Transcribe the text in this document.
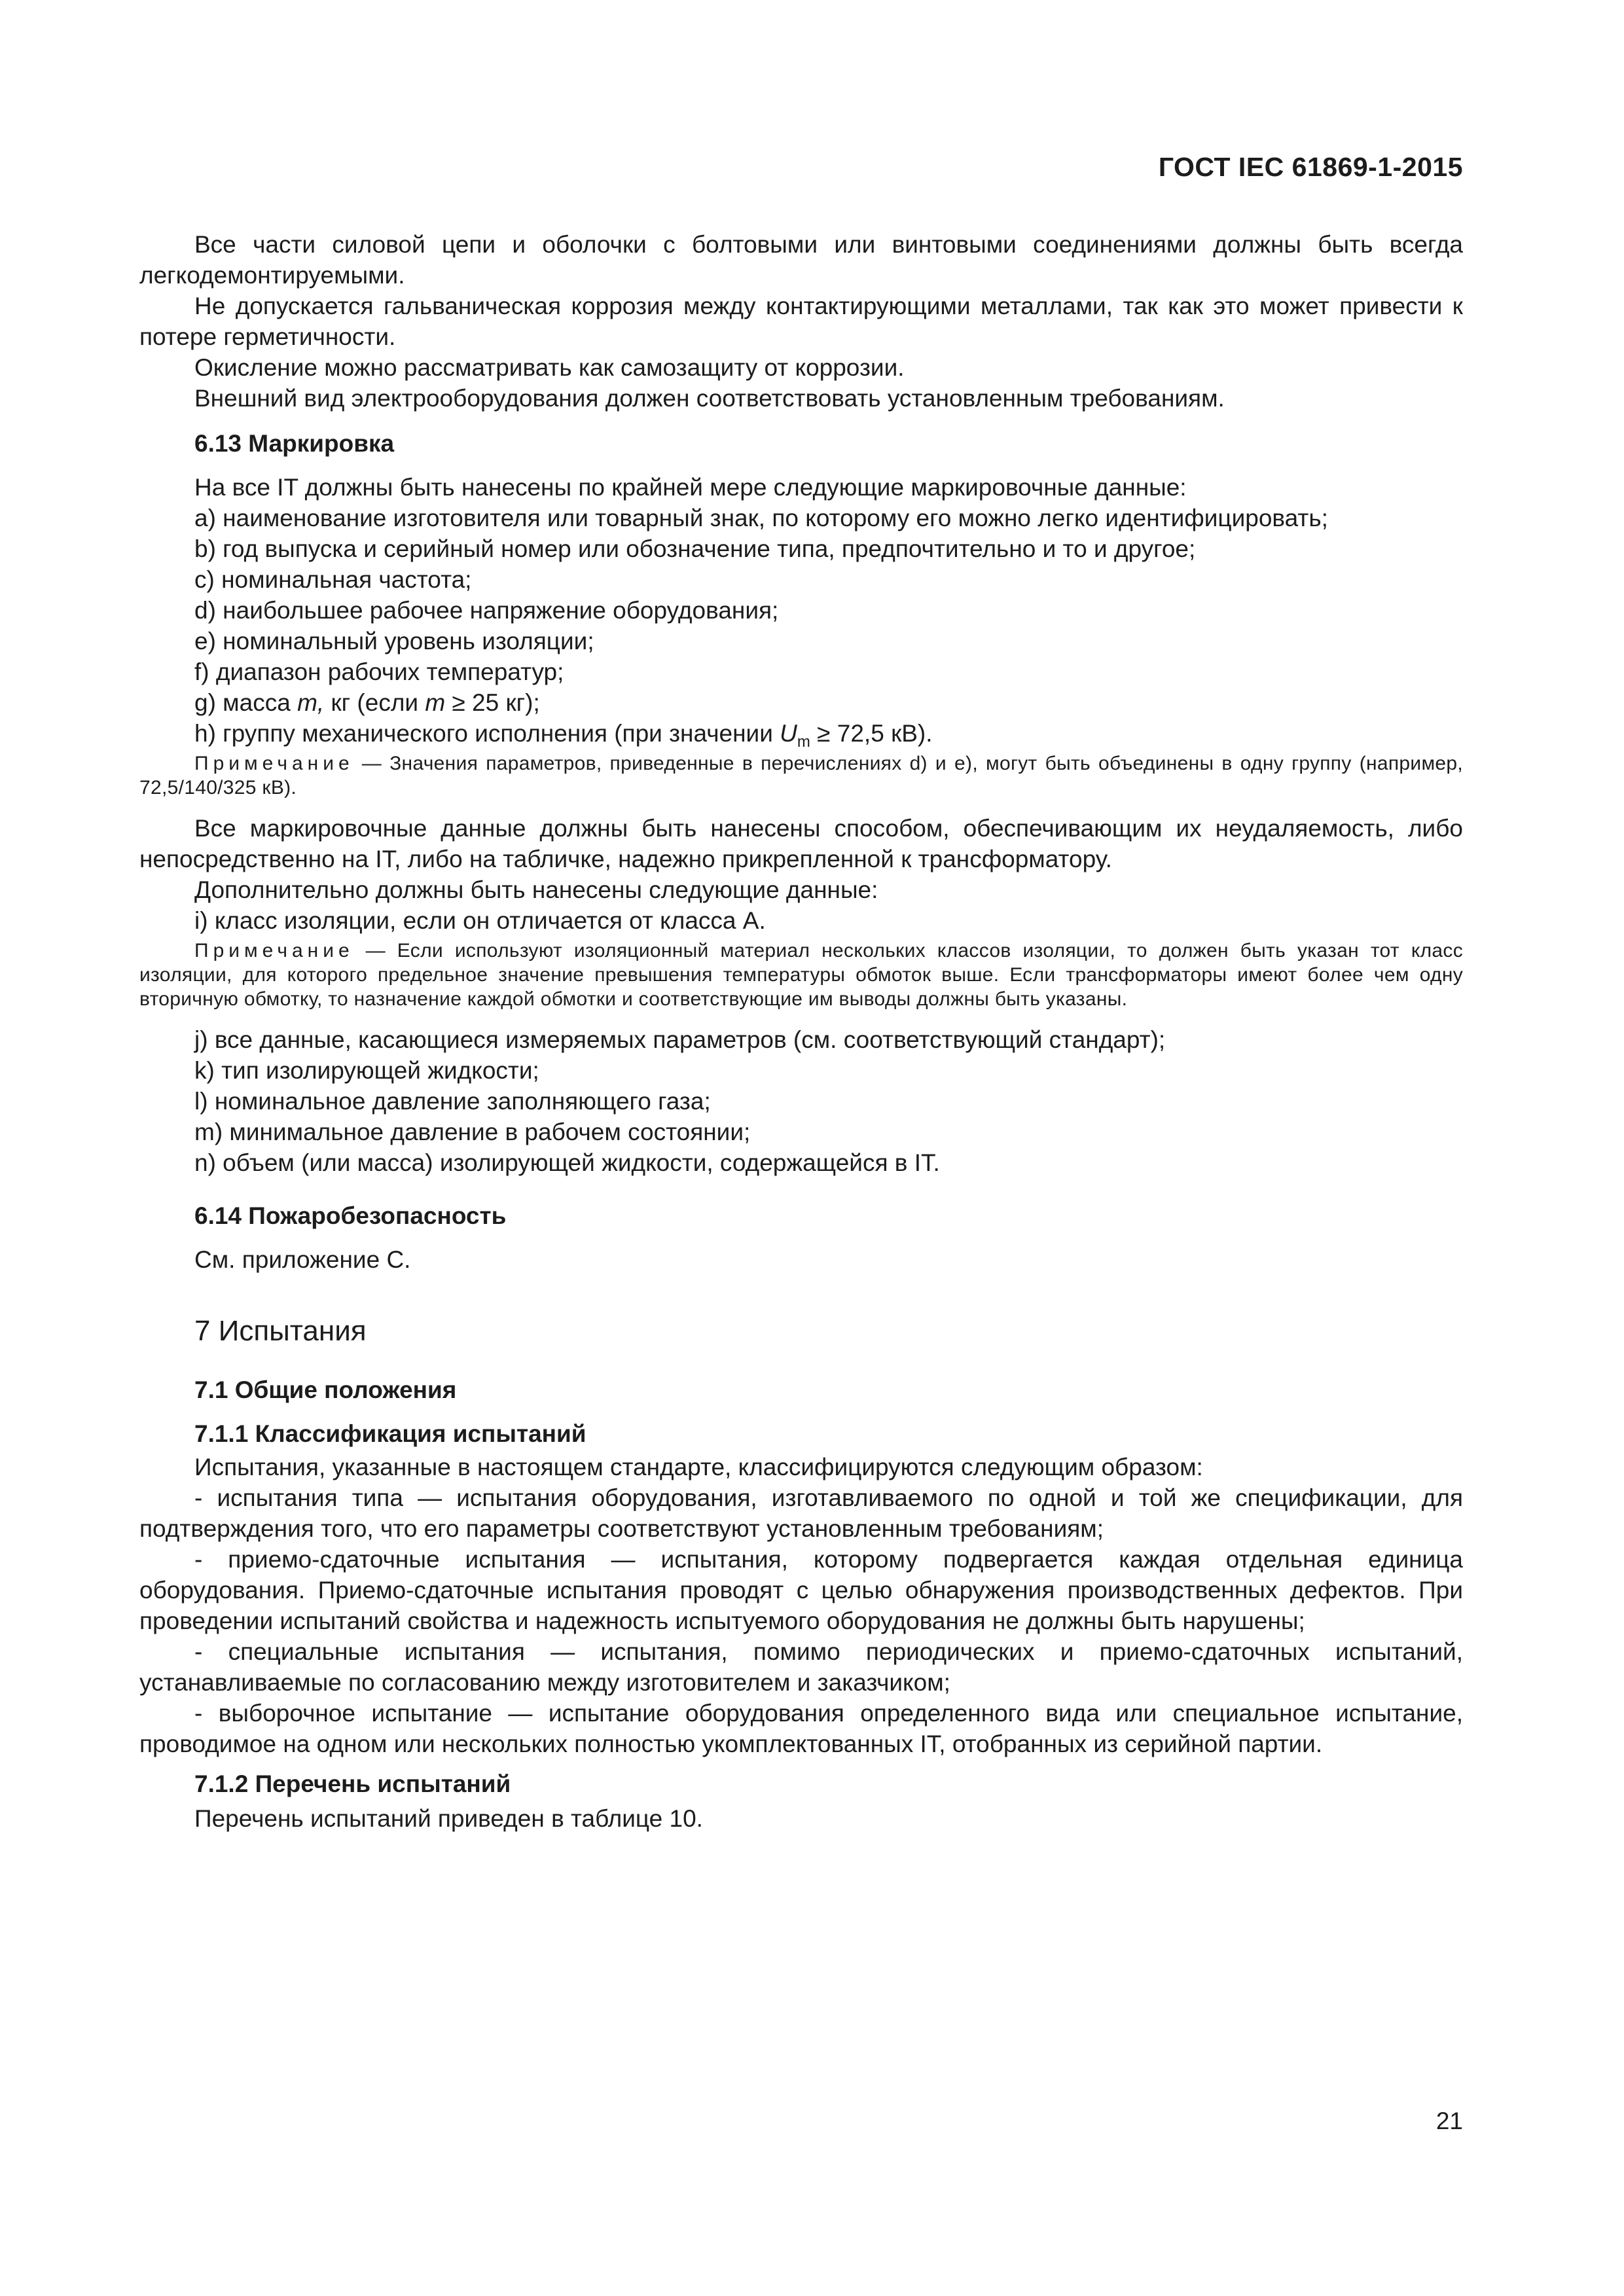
ГОСТ IEC 61869-1-2015

Все части силовой цепи и оболочки с болтовыми или винтовыми соединениями должны быть всегда легкодемонтируемыми.

Не допускается гальваническая коррозия между контактирующими металлами, так как это может привести к потере герметичности.

Окисление можно рассматривать как самозащиту от коррозии.

Внешний вид электрооборудования должен соответствовать установленным требованиям.

6.13 Маркировка

На все IT должны быть нанесены по крайней мере следующие маркировочные данные:

а) наименование изготовителя или товарный знак, по которому его можно легко идентифицировать;

b) год выпуска и серийный номер или обозначение типа, предпочтительно и то и другое;

с) номинальная частота;

d) наибольшее рабочее напряжение оборудования;

е) номинальный уровень изоляции;

f) диапазон рабочих температур;

g) масса m, кг (если m ≥ 25 кг);

h) группу механического исполнения (при значении $U_m \ge 72,5$ кВ).

Примечание — Значения параметров, приведенные в перечислениях d) и e), могут быть объединены в одну группу (например, 72,5/140/325 кВ).

Все маркировочные данные должны быть нанесены способом, обеспечивающим их неудаляемость, либо непосредственно на IT, либо на табличке, надежно прикрепленной к трансформатору.

Дополнительно должны быть нанесены следующие данные:

i) класс изоляции, если он отличается от класса А.

Примечание — Если используют изоляционный материал нескольких классов изоляции, то должен быть указан тот класс изоляции, для которого предельное значение превышения температуры обмоток выше. Если трансформаторы имеют более чем одну вторичную обмотку, то назначение каждой обмотки и соответствующие им выводы должны быть указаны.

j) все данные, касающиеся измеряемых параметров (см. соответствующий стандарт);

k) тип изолирующей жидкости;

l) номинальное давление заполняющего газа;

m) минимальное давление в рабочем состоянии;

n) объем (или масса) изолирующей жидкости, содержащейся в IT.

6.14 Пожаробезопасность

См. приложение С.

7 Испытания
7.1 Общие положения
7.1.1 Классификация испытаний

Испытания, указанные в настоящем стандарте, классифицируются следующим образом:

- испытания типа — испытания оборудования, изготавливаемого по одной и той же спецификации, для подтверждения того, что его параметры соответствуют установленным требованиям;

- приемо-сдаточные испытания — испытания, которому подвергается каждая отдельная единица оборудования. Приемо-сдаточные испытания проводят с целью обнаружения производственных дефектов. При проведении испытаний свойства и надежность испытуемого оборудования не должны быть нарушены;

- специальные испытания — испытания, помимо периодических и приемо-сдаточных испытаний, устанавливаемые по согласованию между изготовителем и заказчиком;

- выборочное испытание — испытание оборудования определенного вида или специальное испытание, проводимое на одном или нескольких полностью укомплектованных IT, отобранных из серийной партии.

7.1.2 Перечень испытаний

Перечень испытаний приведен в таблице 10.

21
